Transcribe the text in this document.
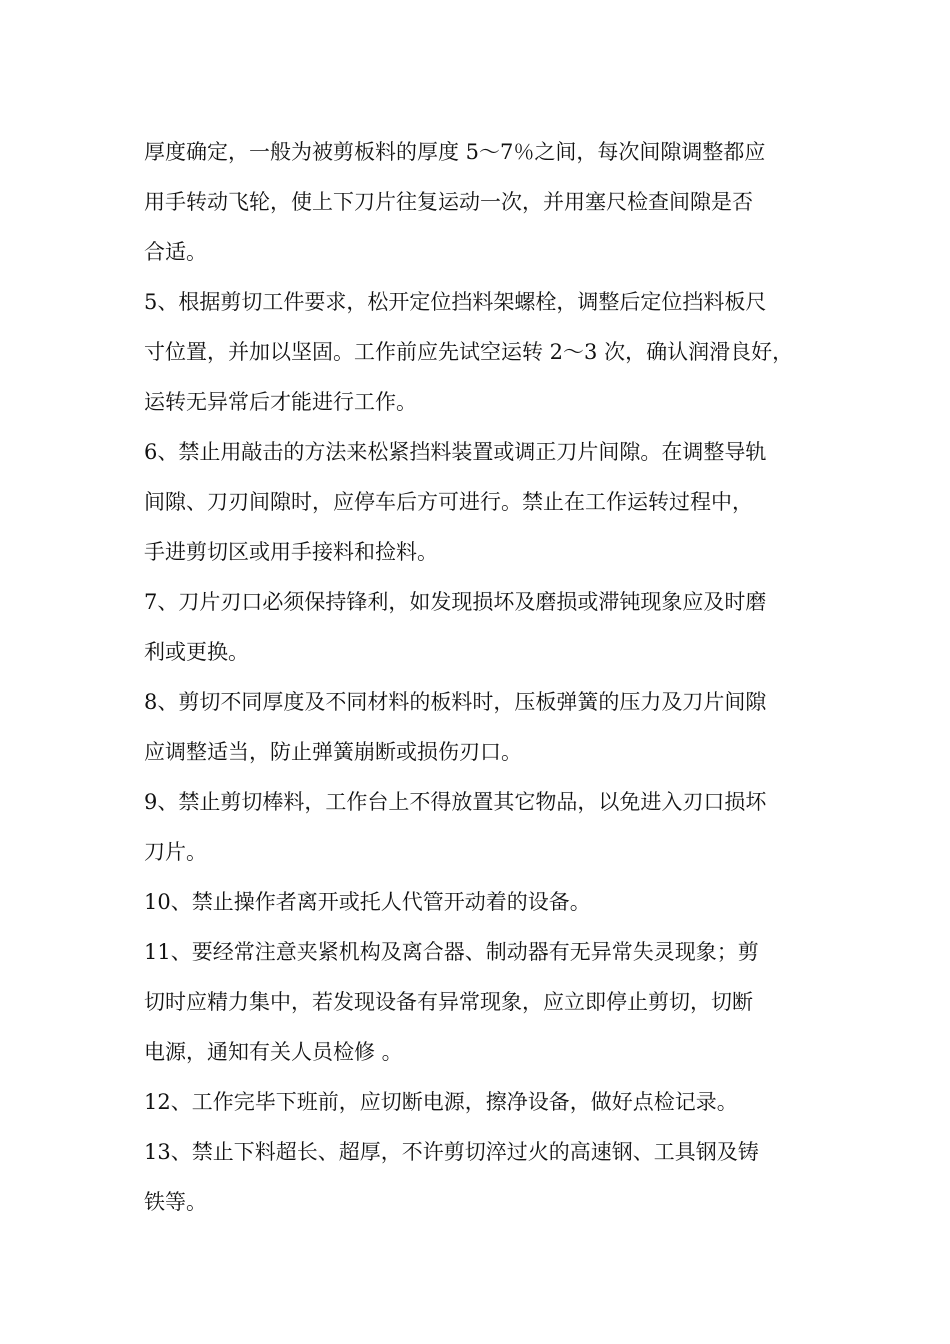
厚度确定，一般为被剪板料的厚度 5～7％之间，每次间隙调整都应
用手转动飞轮，使上下刀片往复运动一次，并用塞尺检查间隙是否
合适。
5、根据剪切工件要求，松开定位挡料架螺栓，调整后定位挡料板尺
寸位置，并加以坚固。工作前应先试空运转 2～3 次，确认润滑良好，
运转无异常后才能进行工作。
6、禁止用敲击的方法来松紧挡料装置或调正刀片间隙。在调整导轨
间隙、刀刃间隙时，应停车后方可进行。禁止在工作运转过程中，
手进剪切区或用手接料和捡料。
7、刀片刃口必须保持锋利，如发现损坏及磨损或滞钝现象应及时磨
利或更换。
8、剪切不同厚度及不同材料的板料时，压板弹簧的压力及刀片间隙
应调整适当，防止弹簧崩断或损伤刃口。
9、禁止剪切棒料，工作台上不得放置其它物品，以免进入刃口损坏
刀片。
10、禁止操作者离开或托人代管开动着的设备。
11、要经常注意夹紧机构及离合器、制动器有无异常失灵现象；剪
切时应精力集中，若发现设备有异常现象，应立即停止剪切，切断
电源，通知有关人员检修 。
12、工作完毕下班前，应切断电源，擦净设备，做好点检记录。
13、禁止下料超长、超厚，不许剪切淬过火的高速钢、工具钢及铸
铁等。
